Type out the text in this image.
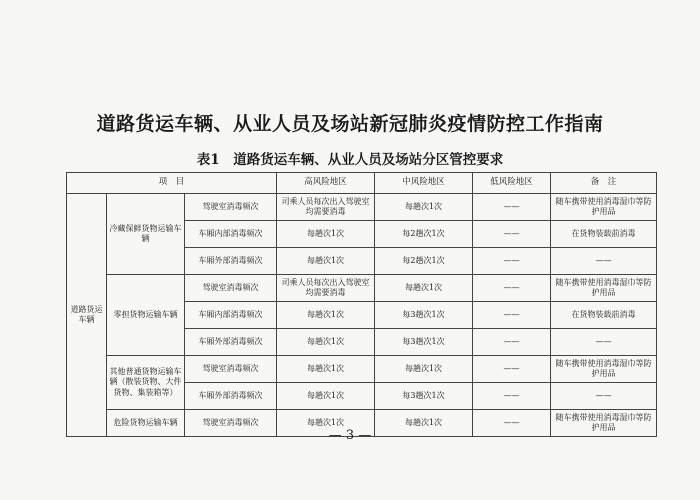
道路货运车辆、从业人员及场站新冠肺炎疫情防控工作指南
表1　道路货运车辆、从业人员及场站分区管控要求
项　目			高风险地区	中风险地区	低风险地区	备　注
道路货运车辆	冷藏保鲜货物运输车辆	驾驶室消毒频次	司乘人员每次出入驾驶室均需要消毒	每趟次1次	——	随车携带使用消毒湿巾等防护用品
		车厢内部消毒频次	每趟次1次	每2趟次1次	——	在货物装载前消毒
		车厢外部消毒频次	每趟次1次	每2趟次1次	——	——
	零担货物运输车辆	驾驶室消毒频次	司乘人员每次出入驾驶室均需要消毒	每趟次1次	——	随车携带使用消毒湿巾等防护用品
		车厢内部消毒频次	每趟次1次	每3趟次1次	——	在货物装载前消毒
		车厢外部消毒频次	每趟次1次	每3趟次1次	——	——
	其他普通货物运输车辆（散装货物、大件货物、集装箱等）	驾驶室消毒频次	每趟次1次	每趟次1次	——	随车携带使用消毒湿巾等防护用品
		车厢外部消毒频次	每趟次1次	每3趟次1次	——	——
	危险货物运输车辆	驾驶室消毒频次	每趟次1次	每趟次1次	——	随车携带使用消毒湿巾等防护用品
— 3 —
